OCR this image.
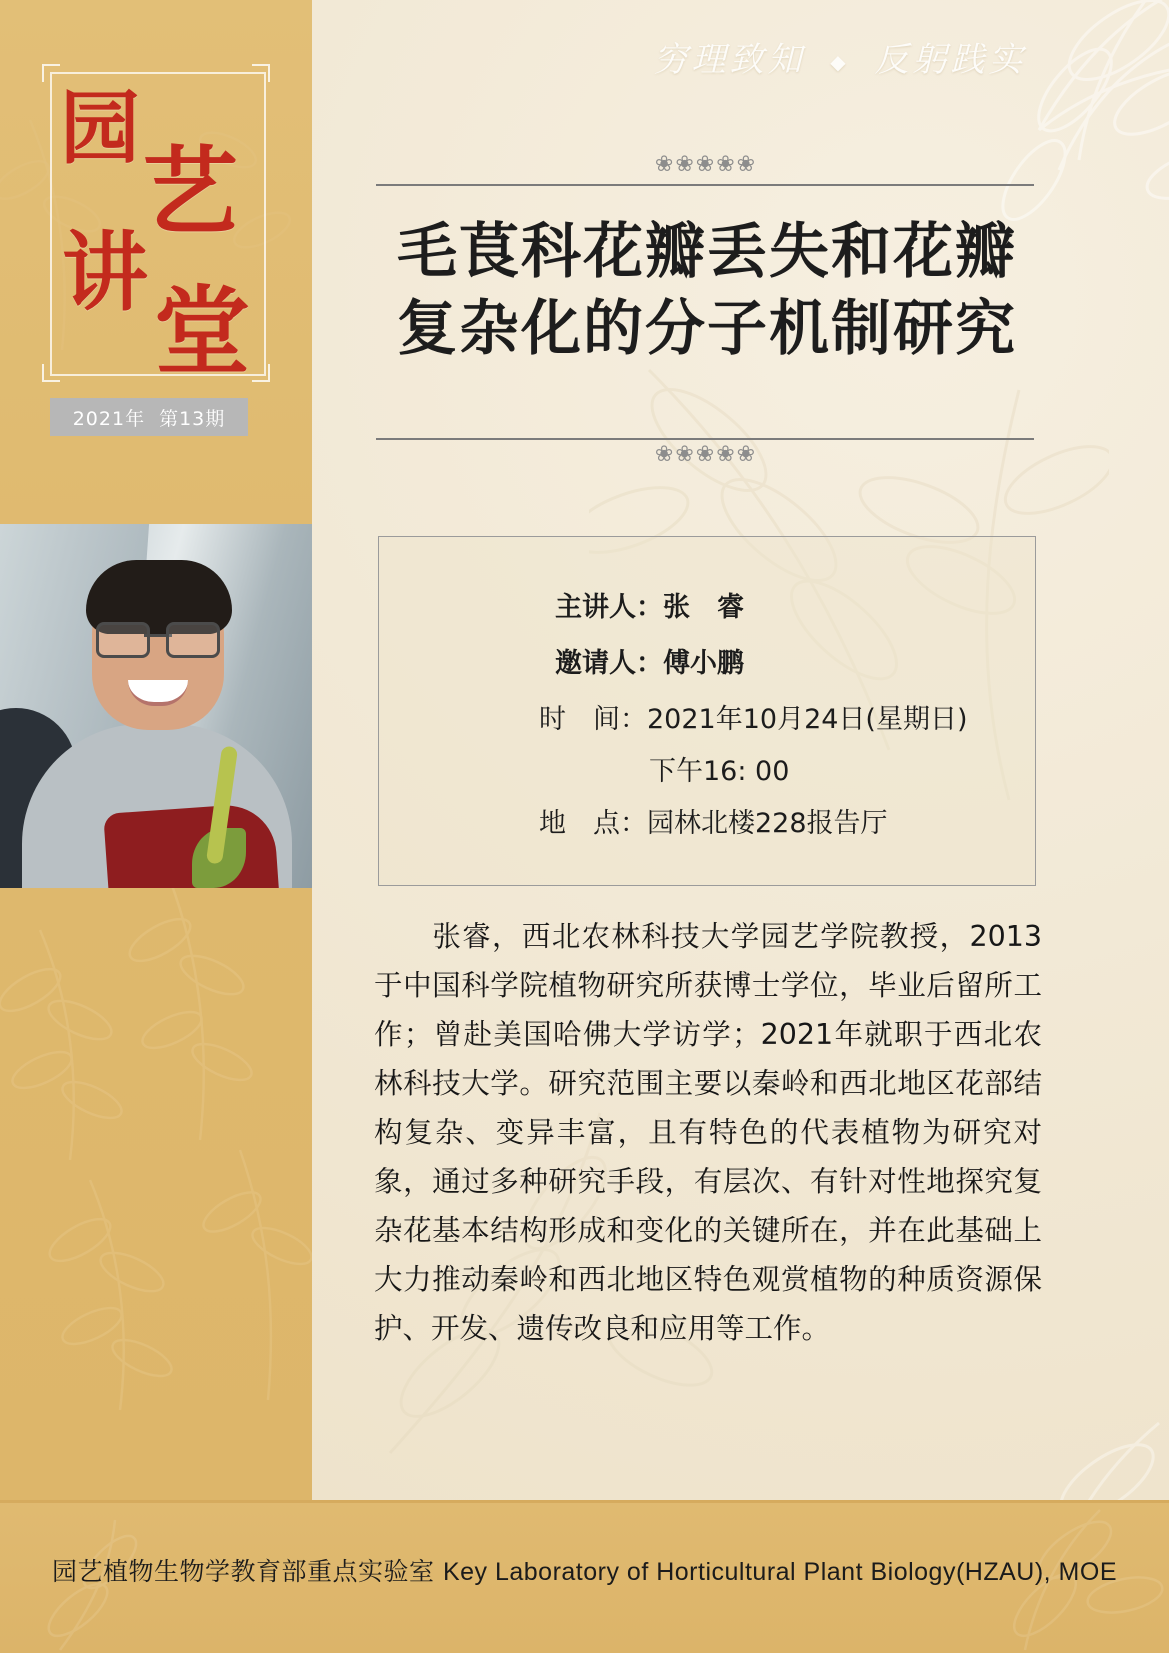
园
艺
讲
堂
2021年 第13期
穷理致知 ◆ 反躬践实
❀❀❀❀❀
毛茛科花瓣丢失和花瓣
复杂化的分子机制研究
❀❀❀❀❀
主讲人： 张　睿
邀请人： 傅小鹏
时　间： 2021年10月24日(星期日)
下午16: 00
地　点： 园林北楼228报告厅
张睿，西北农林科技大学园艺学院教授，2013于中国科学院植物研究所获博士学位，毕业后留所工作；曾赴美国哈佛大学访学；2021年就职于西北农林科技大学。研究范围主要以秦岭和西北地区花部结构复杂、变异丰富，且有特色的代表植物为研究对象，通过多种研究手段，有层次、有针对性地探究复杂花基本结构形成和变化的关键所在，并在此基础上大力推动秦岭和西北地区特色观赏植物的种质资源保护、开发、遗传改良和应用等工作。
园艺植物生物学教育部重点实验室 Key Laboratory of Horticultural Plant Biology(HZAU), MOE
